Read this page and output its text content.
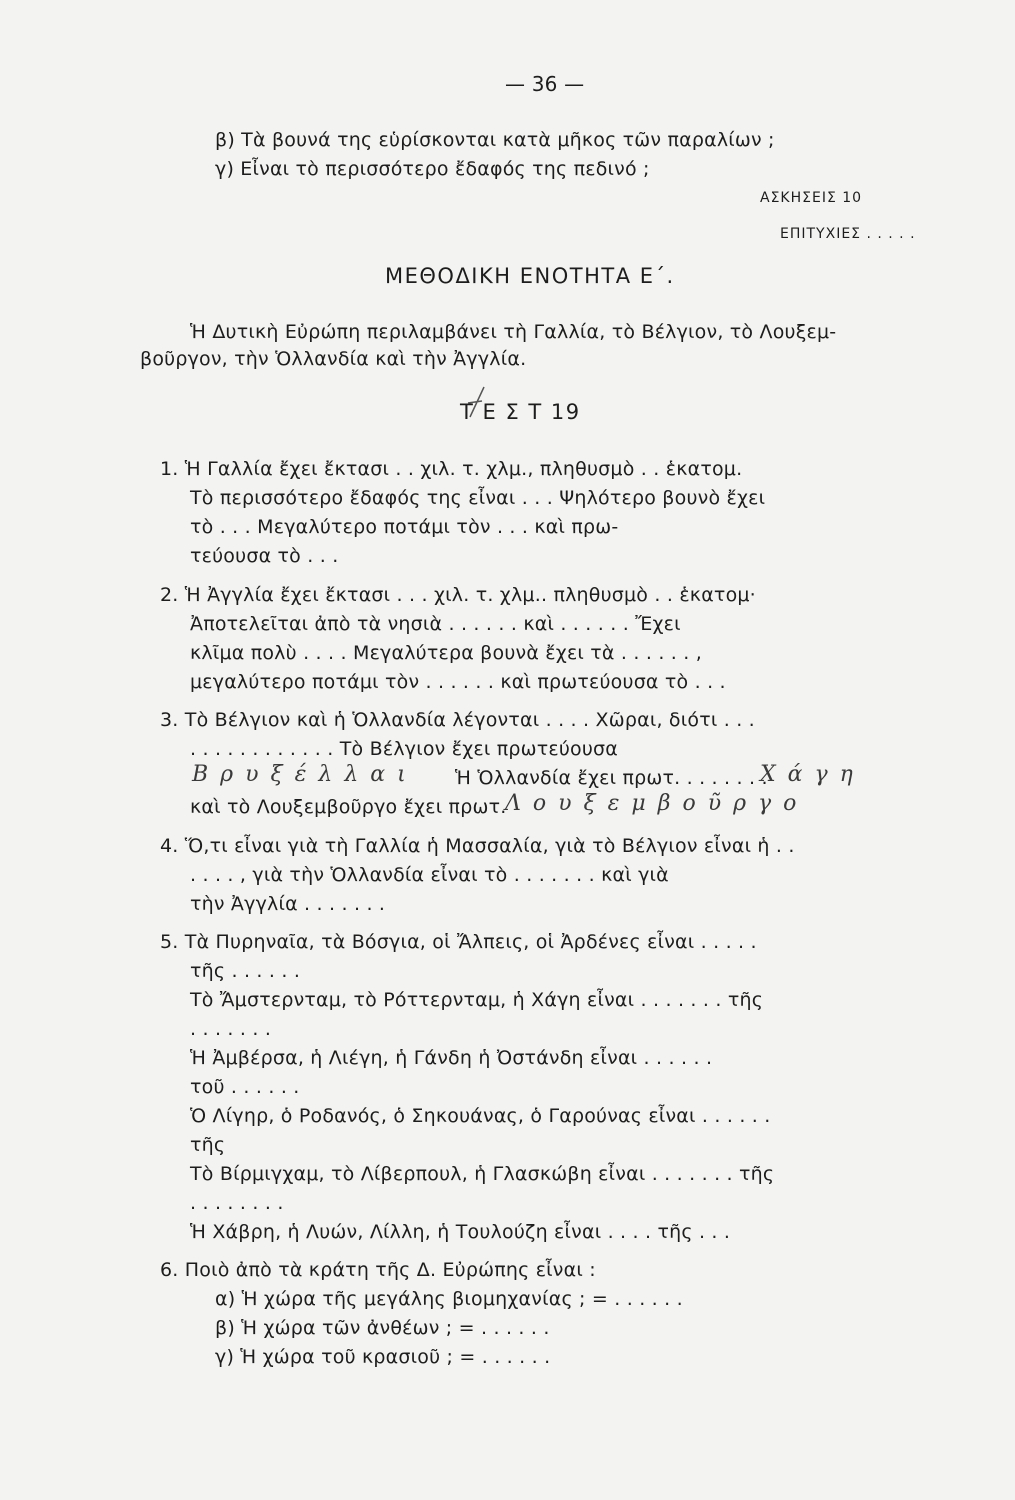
— 36 —
β) Τὰ βουνά της εὑρίσκονται κατὰ μῆκος τῶν παραλίων ;
γ) Εἶναι τὸ περισσότερο ἔδαφός της πεδινό ;
ΑΣΚΗΣΕΙΣ 10
ΕΠΙΤΥΧΙΕΣ . . . . .
ΜΕΘΟΔΙΚΗ ΕΝΟΤΗΤΑ Ε΄.
Ἡ Δυτικὴ Εὐρώπη περιλαμβάνει τὴ Γαλλία, τὸ Βέλγιον, τὸ Λουξεμ-
βοῦργον, τὴν Ὁλλανδία καὶ τὴν Ἀγγλία.
Τ Ε Σ Τ 19
1. Ἡ Γαλλία ἔχει ἔκτασι . . χιλ. τ. χλμ., πληθυσμὸ . . ἑκατομ.
Τὸ περισσότερο ἔδαφός της εἶναι . . . Ψηλότερο βουνὸ ἔχει
τὸ . . . Μεγαλύτερο ποτάμι τὸν . . . καὶ πρω-
τεύουσα τὸ . . .
2. Ἡ Ἀγγλία ἔχει ἔκτασι . . . χιλ. τ. χλμ.. πληθυσμὸ . . ἑκατομ·
Ἀποτελεῖται ἀπὸ τὰ νησιὰ . . . . . . καὶ . . . . . . Ἔχει
κλῖμα πολὺ . . . . Μεγαλύτερα βουνὰ ἔχει τὰ . . . . . . ,
μεγαλύτερο ποτάμι τὸν . . . . . . καὶ πρωτεύουσα τὸ . . .
3. Τὸ Βέλγιον καὶ ἡ Ὁλλανδία λέγονται . . . . Χῶραι, διότι . . .
. . . . . . . . . . . . Τὸ Βέλγιον ἔχει πρωτεύουσα
Βρυξέλλαι Ἡ Ὁλλανδία ἔχει πρωτ. . . . . . . .
Χάγη
καὶ τὸ Λουξεμβοῦργο ἔχει πρωτ.
Λουξεμβοῦργο
4. Ὅ,τι εἶναι γιὰ τὴ Γαλλία ἡ Μασσαλία, γιὰ τὸ Βέλγιον εἶναι ἡ . .
. . . . , γιὰ τὴν Ὁλλανδία εἶναι τὸ . . . . . . . καὶ γιὰ
τὴν Ἀγγλία . . . . . . .
5. Τὰ Πυρηναῖα, τὰ Βόσγια, οἱ Ἄλπεις, οἱ Ἀρδένες εἶναι . . . . .
τῆς . . . . . .
Τὸ Ἄμστερνταμ, τὸ Ρόττερνταμ, ἡ Χάγη εἶναι . . . . . . . τῆς
. . . . . . .
Ἡ Ἀμβέρσα, ἡ Λιέγη, ἡ Γάνδη ἡ Ὀστάνδη εἶναι . . . . . .
τοῦ . . . . . .
Ὁ Λίγηρ, ὁ Ροδανός, ὁ Σηκουάνας, ὁ Γαρούνας εἶναι . . . . . .
τῆς
Τὸ Βίρμιγχαμ, τὸ Λίβερπουλ, ἡ Γλασκώβη εἶναι . . . . . . . τῆς
. . . . . . . .
Ἡ Χάβρη, ἡ Λυών, Λίλλη, ἡ Τουλούζη εἶναι . . . . τῆς . . .
6. Ποιὸ ἀπὸ τὰ κράτη τῆς Δ. Εὐρώπης εἶναι :
α) Ἡ χώρα τῆς μεγάλης βιομηχανίας ; = . . . . . .
β) Ἡ χώρα τῶν ἀνθέων ; = . . . . . .
γ) Ἡ χώρα τοῦ κρασιοῦ ; = . . . . . .
